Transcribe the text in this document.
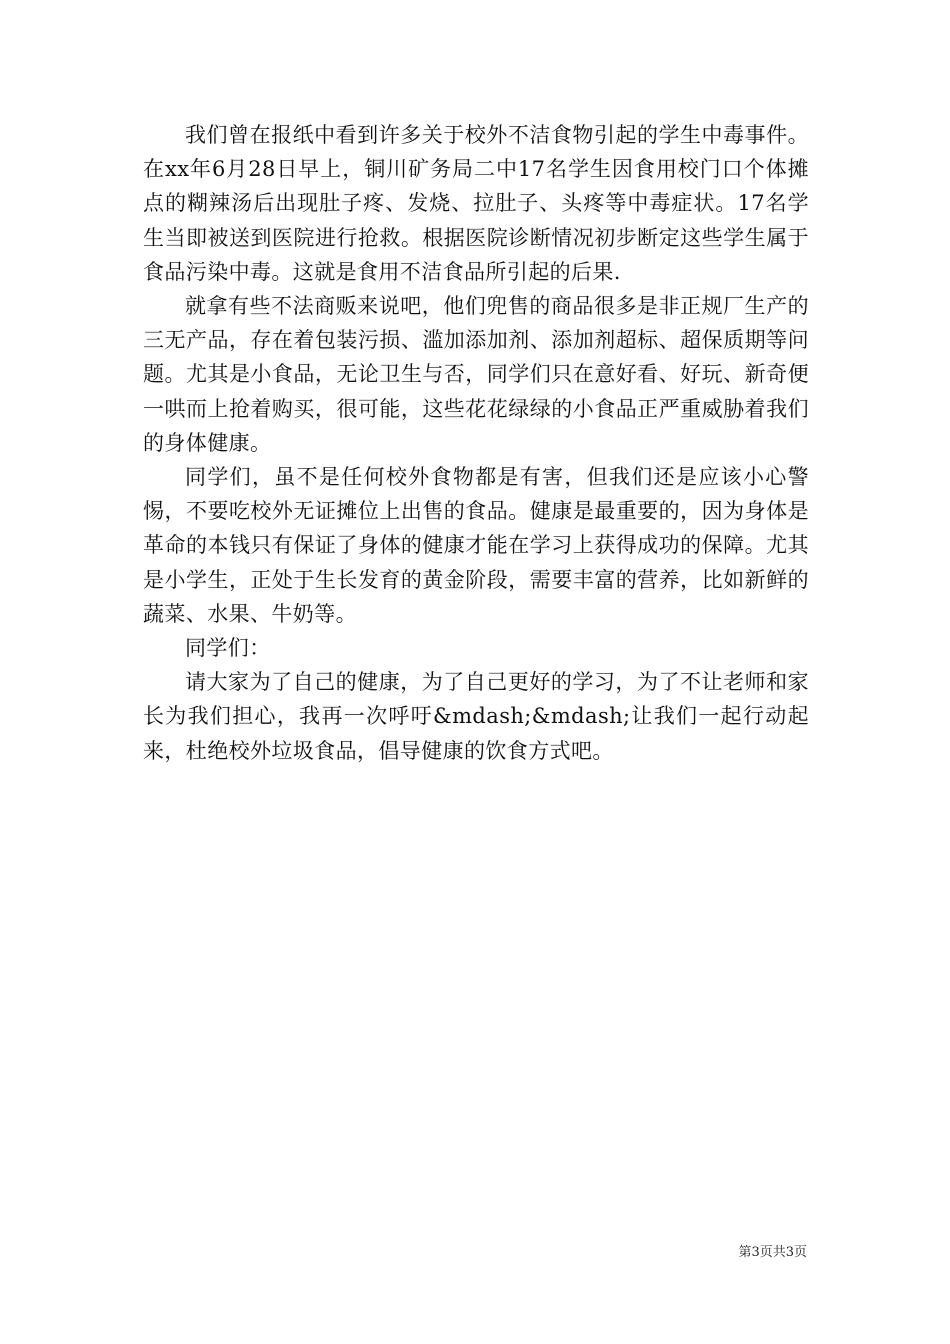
我们曾在报纸中看到许多关于校外不洁食物引起的学生中毒事件。在xx年6月28日早上，铜川矿务局二中17名学生因食用校门口个体摊点的糊辣汤后出现肚子疼、发烧、拉肚子、头疼等中毒症状。17名学生当即被送到医院进行抢救。根据医院诊断情况初步断定这些学生属于食品污染中毒。这就是食用不洁食品所引起的后果.

就拿有些不法商贩来说吧，他们兜售的商品很多是非正规厂生产的三无产品，存在着包装污损、滥加添加剂、添加剂超标、超保质期等问题。尤其是小食品，无论卫生与否，同学们只在意好看、好玩、新奇便一哄而上抢着购买，很可能，这些花花绿绿的小食品正严重威胁着我们的身体健康。

同学们，虽不是任何校外食物都是有害，但我们还是应该小心警惕，不要吃校外无证摊位上出售的食品。健康是最重要的，因为身体是革命的本钱只有保证了身体的健康才能在学习上获得成功的保障。尤其是小学生，正处于生长发育的黄金阶段，需要丰富的营养，比如新鲜的蔬菜、水果、牛奶等。

同学们：

请大家为了自己的健康，为了自己更好的学习，为了不让老师和家长为我们担心，我再一次呼吁&mdash;&mdash;让我们一起行动起来，杜绝校外垃圾食品，倡导健康的饮食方式吧。

第3页共3页
